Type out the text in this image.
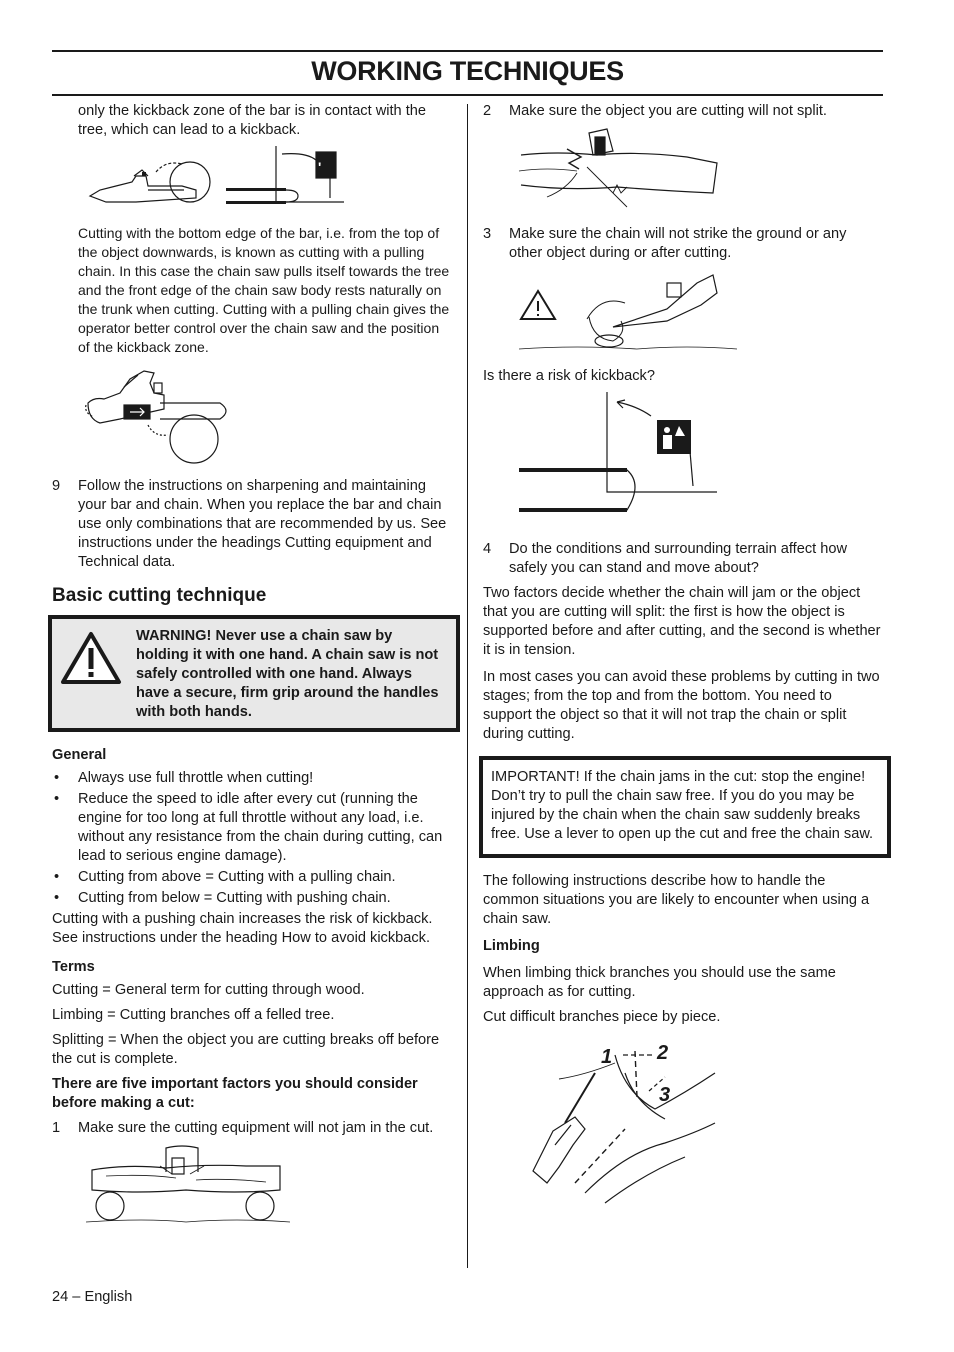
WORKING TECHNIQUES

only the kickback zone of the bar is in contact with the tree, which can lead to a kickback.

ʹ

Cutting with the bottom edge of the bar, i.e. from the top of the object downwards, is known as cutting with a pulling chain. In this case the chain saw pulls itself towards the tree and the front edge of the chain saw body rests naturally on the trunk when cutting. Cutting with a pulling chain gives the operator better control over the chain saw and the position of the kickback zone.

9 Follow the instructions on sharpening and maintaining your bar and chain. When you replace the bar and chain use only combinations that are recommended by us. See instructions under the headings Cutting equipment and Technical data.
Basic cutting technique
WARNING! Never use a chain saw by holding it with one hand. A chain saw is not safely controlled with one hand. Always have a secure, firm grip around the handles with both hands.
General
• Always use full throttle when cutting!
• Reduce the speed to idle after every cut (running the engine for too long at full throttle without any load, i.e. without any resistance from the chain during cutting, can lead to serious engine damage).
• Cutting from above = Cutting with a pulling chain.
• Cutting from below = Cutting with pushing chain.

Cutting with a pushing chain increases the risk of kickback. See instructions under the heading How to avoid kickback.

Terms

Cutting = General term for cutting through wood.

Limbing = Cutting branches off a felled tree.

Splitting = When the object you are cutting breaks off before the cut is complete.

There are five important factors you should consider before making a cut:

1 Make sure the cutting equipment will not jam in the cut.
2 Make sure the object you are cutting will not split.
3 Make sure the chain will not strike the ground or any other object during or after cutting.

Is there a risk of kickback?

4 Do the conditions and surrounding terrain affect how safely you can stand and move about?

Two factors decide whether the chain will jam or the object that you are cutting will split: the first is how the object is supported before and after cutting, and the second is whether it is in tension.

In most cases you can avoid these problems by cutting in two stages; from the top and from the bottom. You need to support the object so that it will not trap the chain or split during cutting.

IMPORTANT! If the chain jams in the cut: stop the engine! Don’t try to pull the chain saw free. If you do you may be injured by the chain when the chain saw suddenly breaks free. Use a lever to open up the cut and free the chain saw.

The following instructions describe how to handle the common situations you are likely to encounter when using a chain saw.

Limbing

When limbing thick branches you should use the same approach as for cutting.

Cut difficult branches piece by piece.

1 2
3
24 – English
